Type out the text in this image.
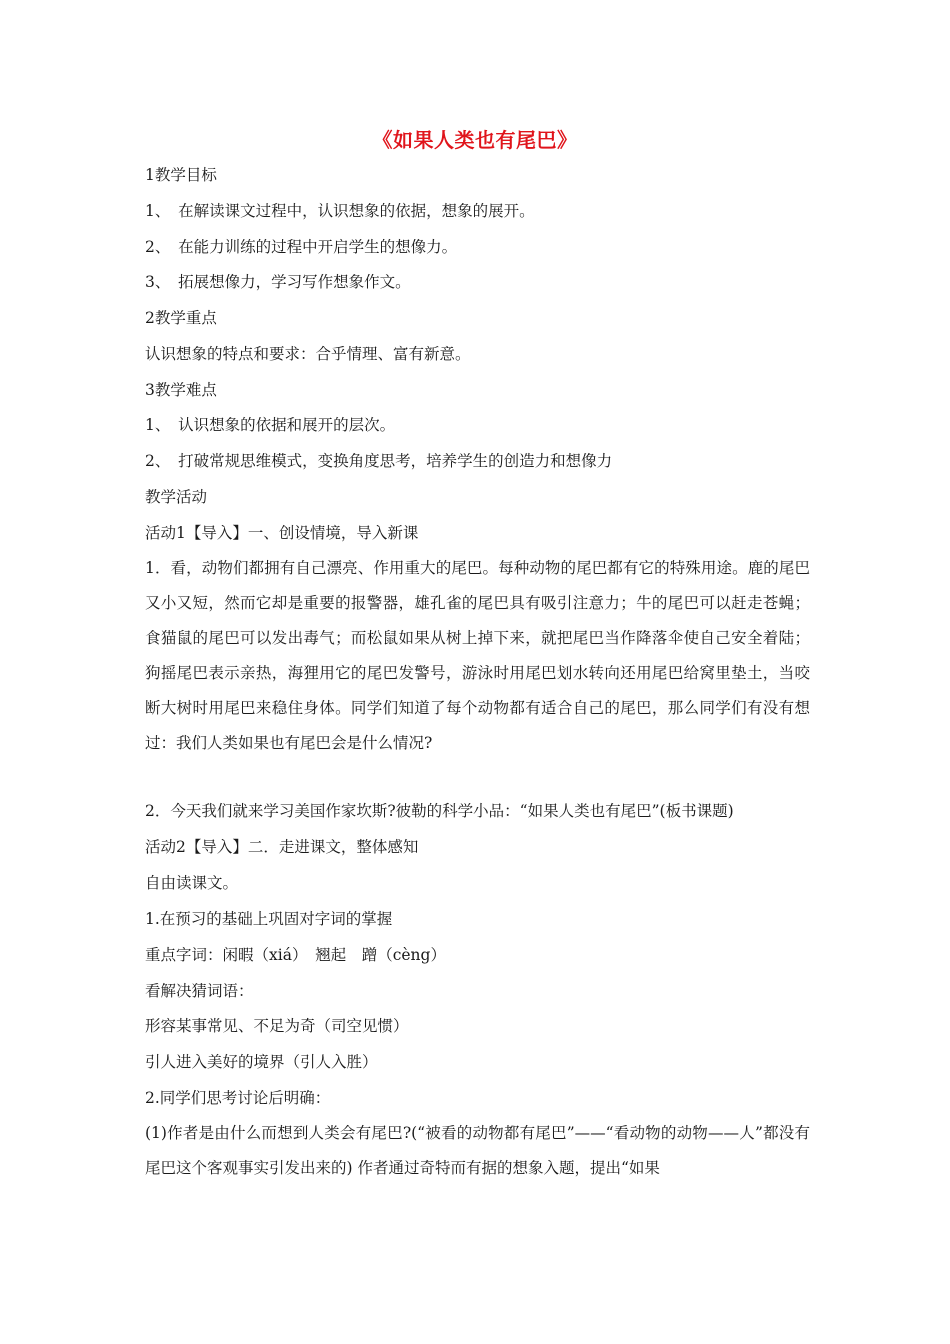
《如果人类也有尾巴》
1教学目标
1、　在解读课文过程中，认识想象的依据，想象的展开。
2、　在能力训练的过程中开启学生的想像力。
3、　拓展想像力，学习写作想象作文。
2教学重点
认识想象的特点和要求：合乎情理、富有新意。
3教学难点
1、　认识想象的依据和展开的层次。
2、　打破常规思维模式，变换角度思考，培养学生的创造力和想像力
教学活动
活动1【导入】一、创设情境，导入新课
1．看，动物们都拥有自己漂亮、作用重大的尾巴。每种动物的尾巴都有它的特殊用途。鹿的尾巴又小又短，然而它却是重要的报警器，雄孔雀的尾巴具有吸引注意力；牛的尾巴可以赶走苍蝇；食猫鼠的尾巴可以发出毒气；而松鼠如果从树上掉下来，就把尾巴当作降落伞使自己安全着陆；狗摇尾巴表示亲热，海狸用它的尾巴发警号，游泳时用尾巴划水转向还用尾巴给窝里垫土，当咬断大树时用尾巴来稳住身体。同学们知道了每个动物都有适合自己的尾巴，那么同学们有没有想过：我们人类如果也有尾巴会是什么情况?
2．今天我们就来学习美国作家坎斯?彼勒的科学小品：“如果人类也有尾巴”(板书课题)
活动2【导入】二．走进课文，整体感知
自由读课文。
1.在预习的基础上巩固对字词的掌握
重点字词：闲暇（xiá）　翘起　蹭（cèng）
看解决猜词语：
形容某事常见、不足为奇（司空见惯）
引人进入美好的境界（引人入胜）
2.同学们思考讨论后明确：
(1)作者是由什么而想到人类会有尾巴?(“被看的动物都有尾巴”——“看动物的动物——人”都没有尾巴这个客观事实引发出来的) 作者通过奇特而有据的想象入题，提出“如果
